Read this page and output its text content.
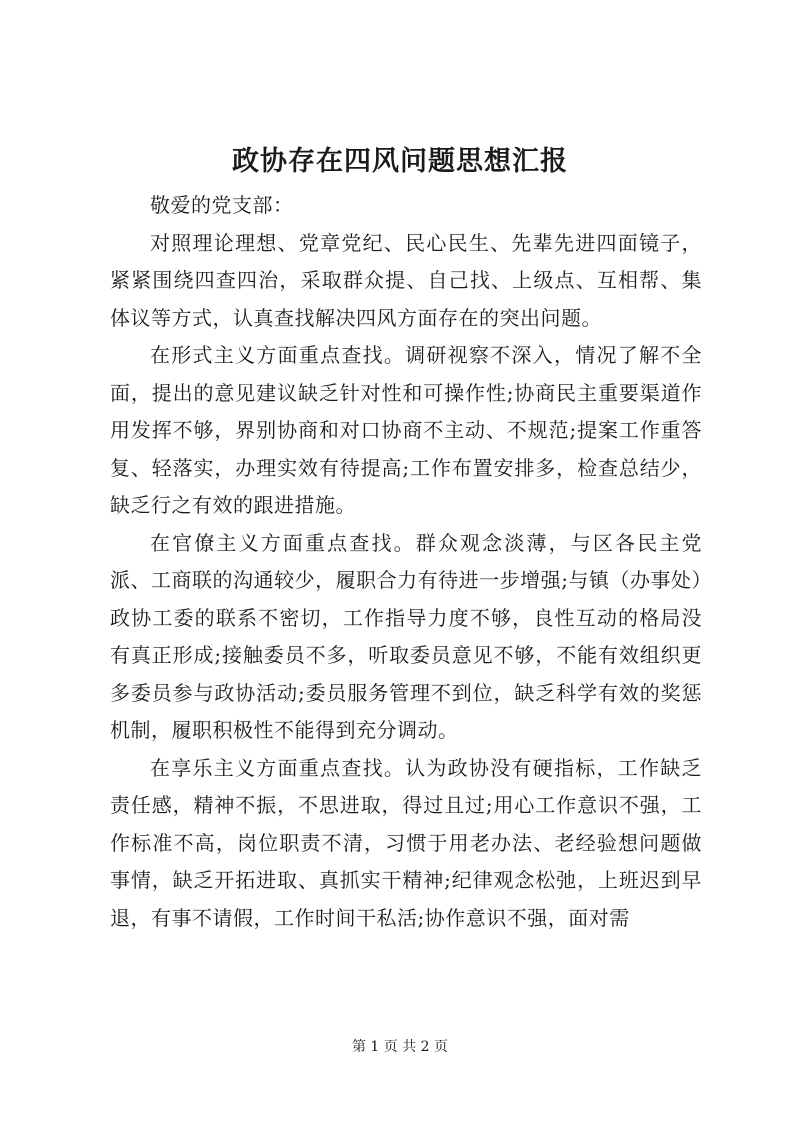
政协存在四风问题思想汇报

敬爱的党支部：

对照理论理想、党章党纪、民心民生、先辈先进四面镜子，紧紧围绕四查四治，采取群众提、自己找、上级点、互相帮、集体议等方式，认真查找解决四风方面存在的突出问题。

在形式主义方面重点查找。调研视察不深入，情况了解不全面，提出的意见建议缺乏针对性和可操作性;协商民主重要渠道作用发挥不够，界别协商和对口协商不主动、不规范;提案工作重答复、轻落实，办理实效有待提高;工作布置安排多，检查总结少，缺乏行之有效的跟进措施。

在官僚主义方面重点查找。群众观念淡薄，与区各民主党派、工商联的沟通较少，履职合力有待进一步增强;与镇（办事处）政协工委的联系不密切，工作指导力度不够，良性互动的格局没有真正形成;接触委员不多，听取委员意见不够，不能有效组织更多委员参与政协活动;委员服务管理不到位，缺乏科学有效的奖惩机制，履职积极性不能得到充分调动。

在享乐主义方面重点查找。认为政协没有硬指标，工作缺乏责任感，精神不振，不思进取，得过且过;用心工作意识不强，工作标准不高，岗位职责不清，习惯于用老办法、老经验想问题做事情，缺乏开拓进取、真抓实干精神;纪律观念松弛，上班迟到早退，有事不请假，工作时间干私活;协作意识不强，面对需

第 1 页 共 2 页
